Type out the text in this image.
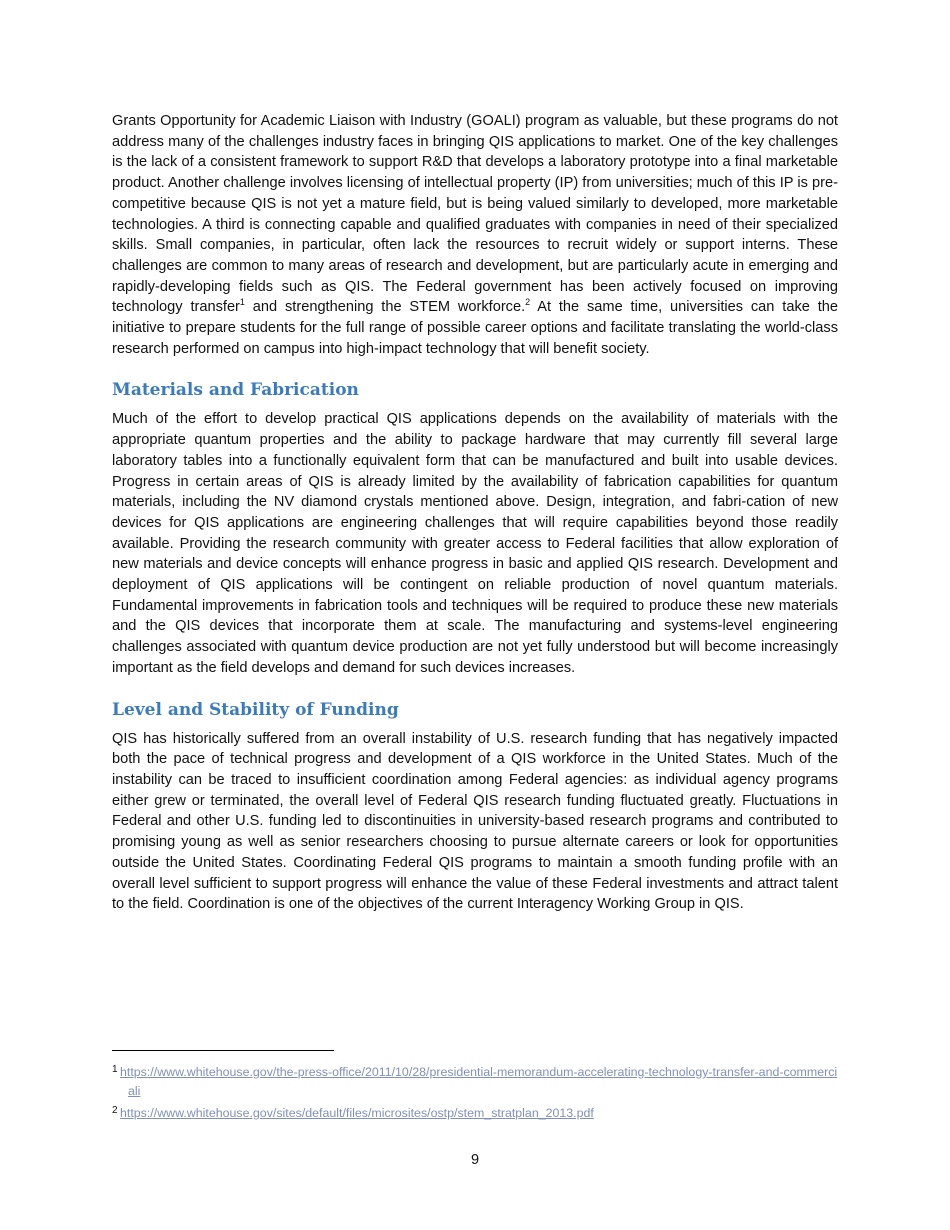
Grants Opportunity for Academic Liaison with Industry (GOALI) program as valuable, but these programs do not address many of the challenges industry faces in bringing QIS applications to market. One of the key challenges is the lack of a consistent framework to support R&D that develops a laboratory prototype into a final marketable product. Another challenge involves licensing of intellectual property (IP) from universities; much of this IP is pre-competitive because QIS is not yet a mature field, but is being valued similarly to developed, more marketable technologies. A third is connecting capable and qualified graduates with companies in need of their specialized skills. Small companies, in particular, often lack the resources to recruit widely or support interns. These challenges are common to many areas of research and development, but are particularly acute in emerging and rapidly-developing fields such as QIS. The Federal government has been actively focused on improving technology transfer$^1$ and strengthening the STEM workforce.$^2$ At the same time, universities can take the initiative to prepare students for the full range of possible career options and facilitate translating the world-class research performed on campus into high-impact technology that will benefit society.

Materials and Fabrication

Much of the effort to develop practical QIS applications depends on the availability of materials with the appropriate quantum properties and the ability to package hardware that may currently fill several large laboratory tables into a functionally equivalent form that can be manufactured and built into usable devices. Progress in certain areas of QIS is already limited by the availability of fabrication capabilities for quantum materials, including the NV diamond crystals mentioned above. Design, integration, and fabri-cation of new devices for QIS applications are engineering challenges that will require capabilities beyond those readily available. Providing the research community with greater access to Federal facilities that allow exploration of new materials and device concepts will enhance progress in basic and applied QIS research. Development and deployment of QIS applications will be contingent on reliable production of novel quantum materials. Fundamental improvements in fabrication tools and techniques will be required to produce these new materials and the QIS devices that incorporate them at scale. The manufacturing and systems-level engineering challenges associated with quantum device production are not yet fully understood but will become increasingly important as the field develops and demand for such devices increases.

Level and Stability of Funding

QIS has historically suffered from an overall instability of U.S. research funding that has negatively impacted both the pace of technical progress and development of a QIS workforce in the United States. Much of the instability can be traced to insufficient coordination among Federal agencies: as individual agency programs either grew or terminated, the overall level of Federal QIS research funding fluctuated greatly. Fluctuations in Federal and other U.S. funding led to discontinuities in university-based research programs and contributed to promising young as well as senior researchers choosing to pursue alternate careers or look for opportunities outside the United States. Coordinating Federal QIS programs to maintain a smooth funding profile with an overall level sufficient to support progress will enhance the value of these Federal investments and attract talent to the field. Coordination is one of the objectives of the current Interagency Working Group in QIS.

1 https://www.whitehouse.gov/the-press-office/2011/10/28/presidential-memorandum-accelerating-technology-transfer-and-commerciali

2 https://www.whitehouse.gov/sites/default/files/microsites/ostp/stem_stratplan_2013.pdf

9
